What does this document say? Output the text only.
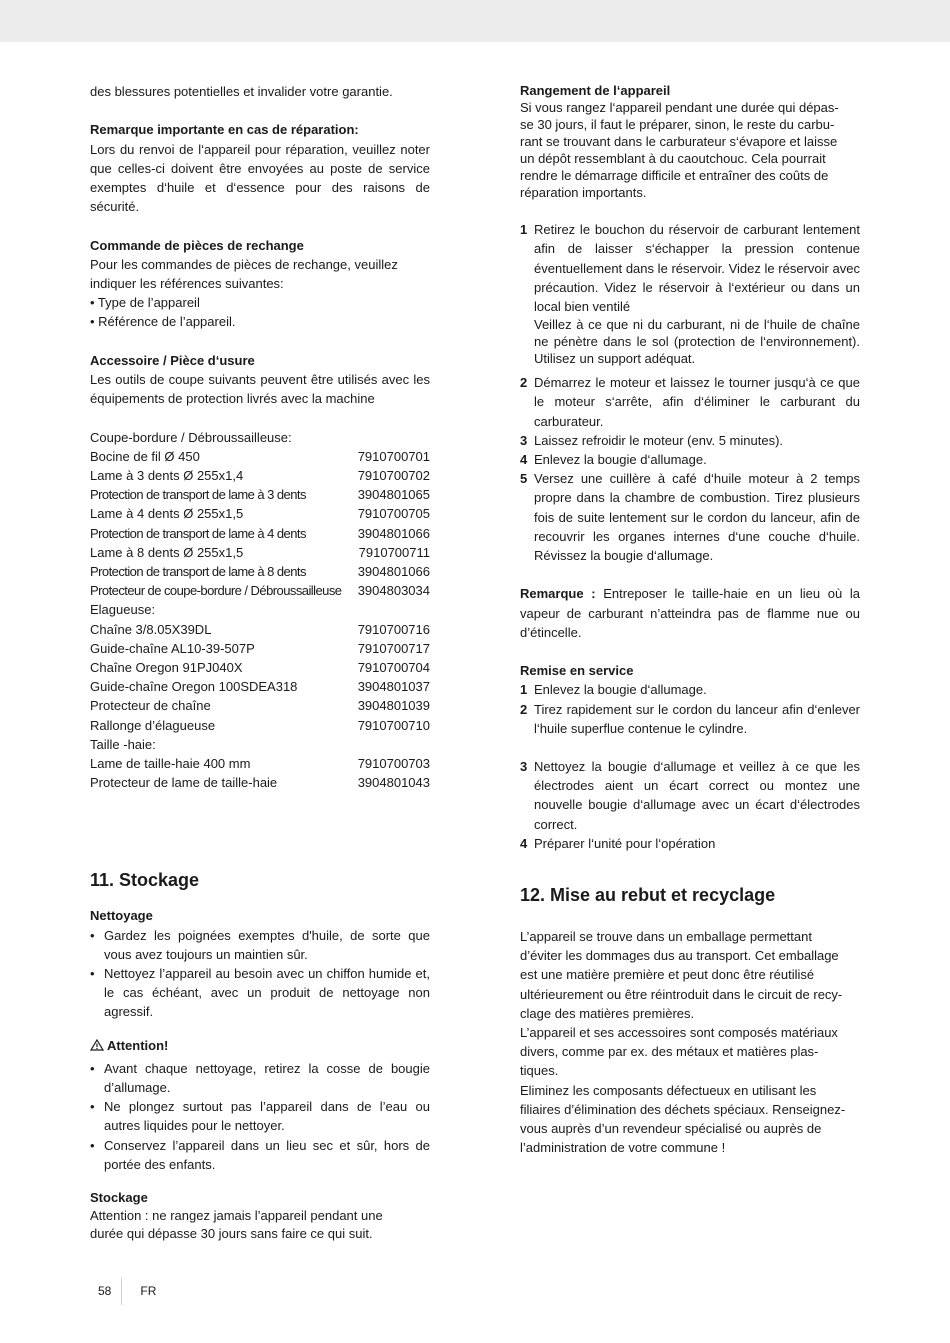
des blessures potentielles et invalider votre garantie.

Remarque importante en cas de réparation:

Lors du renvoi de l‘appareil pour réparation, veuillez noter que celles-ci doivent être envoyées au poste de service exemptes d‘huile et d‘essence pour des raisons de sécurité.

Commande de pièces de rechange

Pour les commandes de pièces de rechange, veuillez

indiquer les références suivantes:

• Type de l’appareil

• Référence de l’appareil.

Accessoire / Pièce d‘usure

Les outils de coupe suivants peuvent être utilisés avec les équipements de protection livrés avec la machine

Coupe-bordure / Débroussailleuse:

Bocine de fil Ø 450	7910700701
Lame à 3 dents Ø 255x1,4	7910700702
Protection de transport de lame à 3 dents	3904801065
Lame à 4 dents Ø 255x1,5	7910700705
Protection de transport de lame à 4 dents	3904801066
Lame à 8 dents Ø 255x1,5	7910700711
Protection de transport de lame à 8 dents	3904801066
Protecteur de coupe-bordure / Débroussailleuse 3904803034

Elagueuse:

Chaîne 3/8.05X39DL	7910700716
Guide-chaîne AL10-39-507P	7910700717
Chaîne Oregon 91PJ040X	7910700704
Guide-chaîne Oregon 100SDEA318	3904801037
Protecteur de chaîne	3904801039
Rallonge d’élagueuse	7910700710

Taille -haie:

Lame de taille-haie 400 mm	7910700703
Protecteur de lame de taille-haie	3904801043
11. Stockage

Nettoyage

• Gardez les poignées exemptes d'huile, de sorte que vous avez toujours un maintien sûr.
• Nettoyez l’appareil au besoin avec un chiffon humide et, le cas échéant, avec un produit de nettoyage non agressif.

Attention!

• Avant chaque nettoyage, retirez la cosse de bougie d’allumage.
• Ne plongez surtout pas l’appareil dans de l’eau ou autres liquides pour le nettoyer.
• Conservez l’appareil dans un lieu sec et sûr, hors de portée des enfants.

Stockage

Attention : ne rangez jamais l’appareil pendant une

durée qui dépasse 30 jours sans faire ce qui suit.

Rangement de l‘appareil

Si vous rangez l‘appareil pendant une durée qui dépas-

se 30 jours, il faut le préparer, sinon, le reste du carbu-

rant se trouvant dans le carburateur s‘évapore et laisse

un dépôt ressemblant à du caoutchouc. Cela pourrait

rendre le démarrage difficile et entraîner des coûts de

réparation importants.

1 Retirez le bouchon du réservoir de carburant lentement afin de laisser s‘échapper la pression contenue éventuellement dans le réservoir. Videz le réservoir avec précaution. Videz le réservoir à l‘extérieur ou dans un local bien ventilé

Veillez à ce que ni du carburant, ni de l‘huile de chaîne ne pénètre dans le sol (protection de l‘environnement). Utilisez un support adéquat.

2 Démarrez le moteur et laissez le tourner jusqu‘à ce que le moteur s‘arrête, afin d‘éliminer le carburant du carburateur.

3 Laissez refroidir le moteur (env. 5 minutes).

4 Enlevez la bougie d‘allumage.

5 Versez une cuillère à café d‘huile moteur à 2 temps propre dans la chambre de combustion. Tirez plusieurs fois de suite lentement sur le cordon du lanceur, afin de recouvrir les organes internes d‘une couche d‘huile. Révissez la bougie d‘allumage.

Remarque : Entreposer le taille-haie en un lieu où la vapeur de carburant n’atteindra pas de flamme nue ou d’étincelle.

Remise en service

1 Enlevez la bougie d‘allumage.

2 Tirez rapidement sur le cordon du lanceur afin d‘enlever l‘huile superflue contenue le cylindre.

3 Nettoyez la bougie d‘allumage et veillez à ce que les électrodes aient un écart correct ou montez une nouvelle bougie d‘allumage avec un écart d‘électrodes correct.

4 Préparer l‘unité pour l‘opération

12. Mise au rebut et recyclage

L’appareil se trouve dans un emballage permettant

d’éviter les dommages dus au transport. Cet emballage

est une matière première et peut donc être réutilisé

ultérieurement ou être réintroduit dans le circuit de recy-

clage des matières premières.

L’appareil et ses accessoires sont composés matériaux

divers, comme par ex. des métaux et matières plas-

tiques.

Eliminez les composants défectueux en utilisant les

filiaires d’élimination des déchets spéciaux. Renseignez-

vous auprès d’un revendeur spécialisé ou auprès de

l’administration de votre commune !

58	FR
